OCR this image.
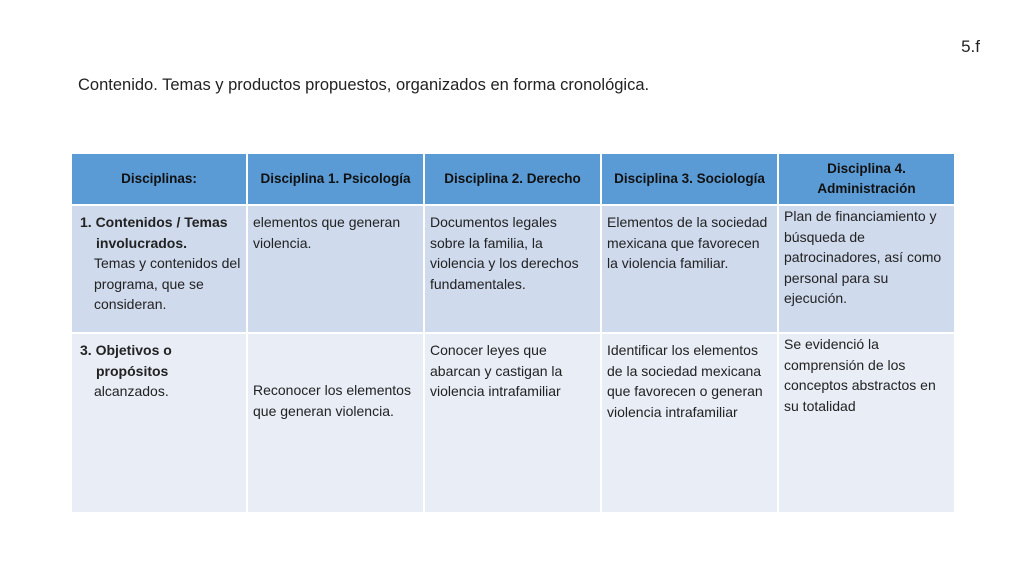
5.f
Contenido. Temas y productos propuestos, organizados en forma cronológica.
Disciplinas:	Disciplina 1. Psicología	Disciplina 2. Derecho	Disciplina 3. Sociología	Disciplina 4. Administración

1. Contenidos / Temas
involucrados.
Temas y contenidos del programa, que se consideran.	elementos que generan violencia.	Documentos legales sobre la familia, la violencia y los derechos fundamentales.	Elementos de la sociedad mexicana que favorecen la violencia familiar.	Plan de financiamiento y búsqueda de patrocinadores, así como personal para su ejecución.

3. Objetivos o
propósitos
alcanzados.	Reconocer los elementos que generan violencia.	Conocer leyes que abarcan y castigan la violencia intrafamiliar	Identificar los elementos de la sociedad mexicana que favorecen o generan violencia intrafamiliar	Se evidenció la comprensión de los conceptos abstractos en su totalidad
